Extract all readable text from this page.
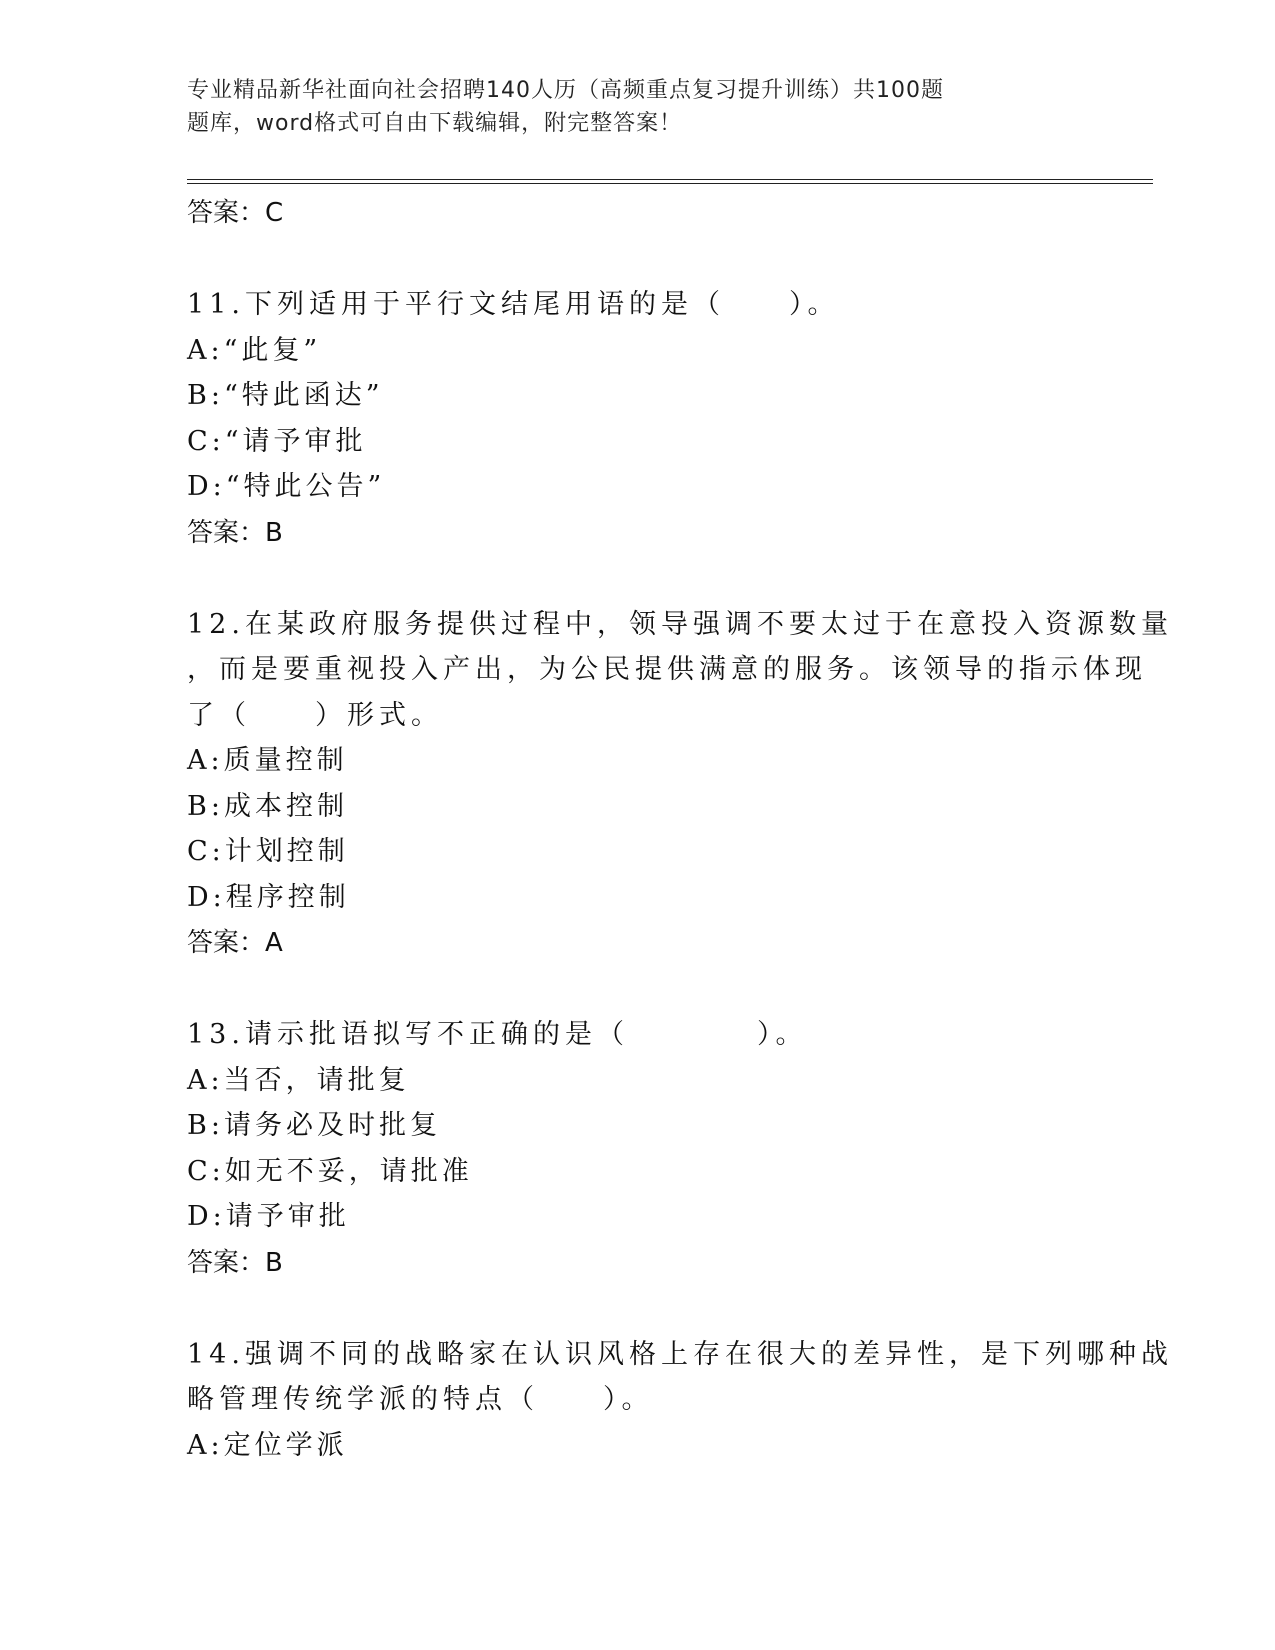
专业精品新华社面向社会招聘140人历（高频重点复习提升训练）共100题
题库，word格式可自由下载编辑，附完整答案！
答案：C
11.下列适用于平行文结尾用语的是（　　）。
A:“此复”
B:“特此函达”
C:“请予审批
D:“特此公告”
答案：B
12.在某政府服务提供过程中，领导强调不要太过于在意投入资源数量
，而是要重视投入产出，为公民提供满意的服务。该领导的指示体现
了（　　）形式。
A:质量控制
B:成本控制
C:计划控制
D:程序控制
答案：A
13.请示批语拟写不正确的是（　　　　）。
A:当否，请批复
B:请务必及时批复
C:如无不妥，请批准
D:请予审批
答案：B
14.强调不同的战略家在认识风格上存在很大的差异性，是下列哪种战
略管理传统学派的特点（　　）。
A:定位学派
